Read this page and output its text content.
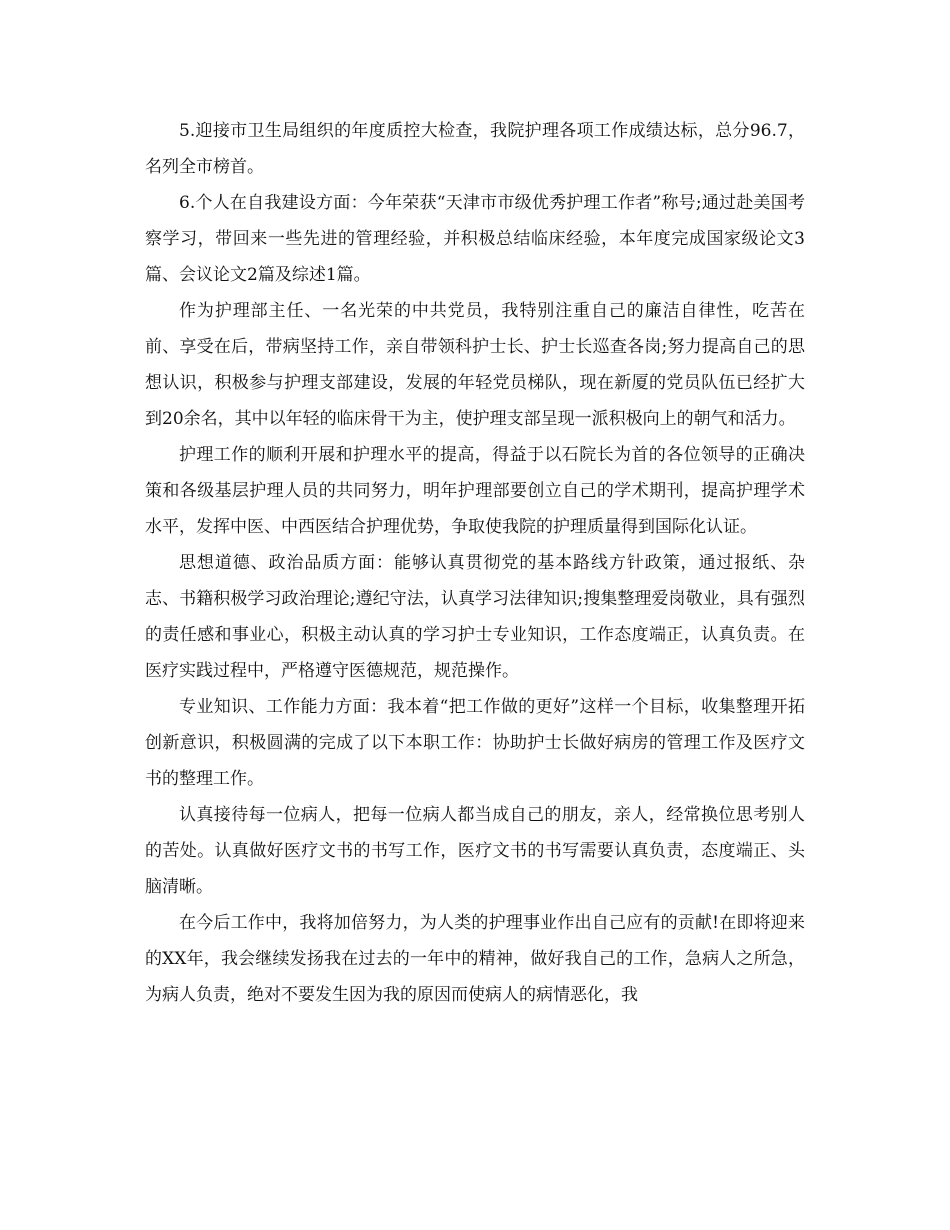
5.迎接市卫生局组织的年度质控大检查，我院护理各项工作成绩达标，总分96.7，名列全市榜首。

6.个人在自我建设方面：今年荣获“天津市市级优秀护理工作者”称号;通过赴美国考察学习，带回来一些先进的管理经验，并积极总结临床经验，本年度完成国家级论文3篇、会议论文2篇及综述1篇。

作为护理部主任、一名光荣的中共党员，我特别注重自己的廉洁自律性，吃苦在前、享受在后，带病坚持工作，亲自带领科护士长、护士长巡查各岗;努力提高自己的思想认识，积极参与护理支部建设，发展的年轻党员梯队，现在新厦的党员队伍已经扩大到20余名，其中以年轻的临床骨干为主，使护理支部呈现一派积极向上的朝气和活力。

护理工作的顺利开展和护理水平的提高，得益于以石院长为首的各位领导的正确决策和各级基层护理人员的共同努力，明年护理部要创立自己的学术期刊，提高护理学术水平，发挥中医、中西医结合护理优势，争取使我院的护理质量得到国际化认证。

思想道德、政治品质方面：能够认真贯彻党的基本路线方针政策，通过报纸、杂志、书籍积极学习政治理论;遵纪守法，认真学习法律知识;搜集整理爱岗敬业，具有强烈的责任感和事业心，积极主动认真的学习护士专业知识，工作态度端正，认真负责。在医疗实践过程中，严格遵守医德规范，规范操作。

专业知识、工作能力方面：我本着“把工作做的更好”这样一个目标，收集整理开拓创新意识，积极圆满的完成了以下本职工作：协助护士长做好病房的管理工作及医疗文书的整理工作。

认真接待每一位病人，把每一位病人都当成自己的朋友，亲人，经常换位思考别人的苦处。认真做好医疗文书的书写工作，医疗文书的书写需要认真负责，态度端正、头脑清晰。

在今后工作中，我将加倍努力，为人类的护理事业作出自己应有的贡献!在即将迎来的XX年，我会继续发扬我在过去的一年中的精神，做好我自己的工作，急病人之所急，为病人负责，绝对不要发生因为我的原因而使病人的病情恶化，我
